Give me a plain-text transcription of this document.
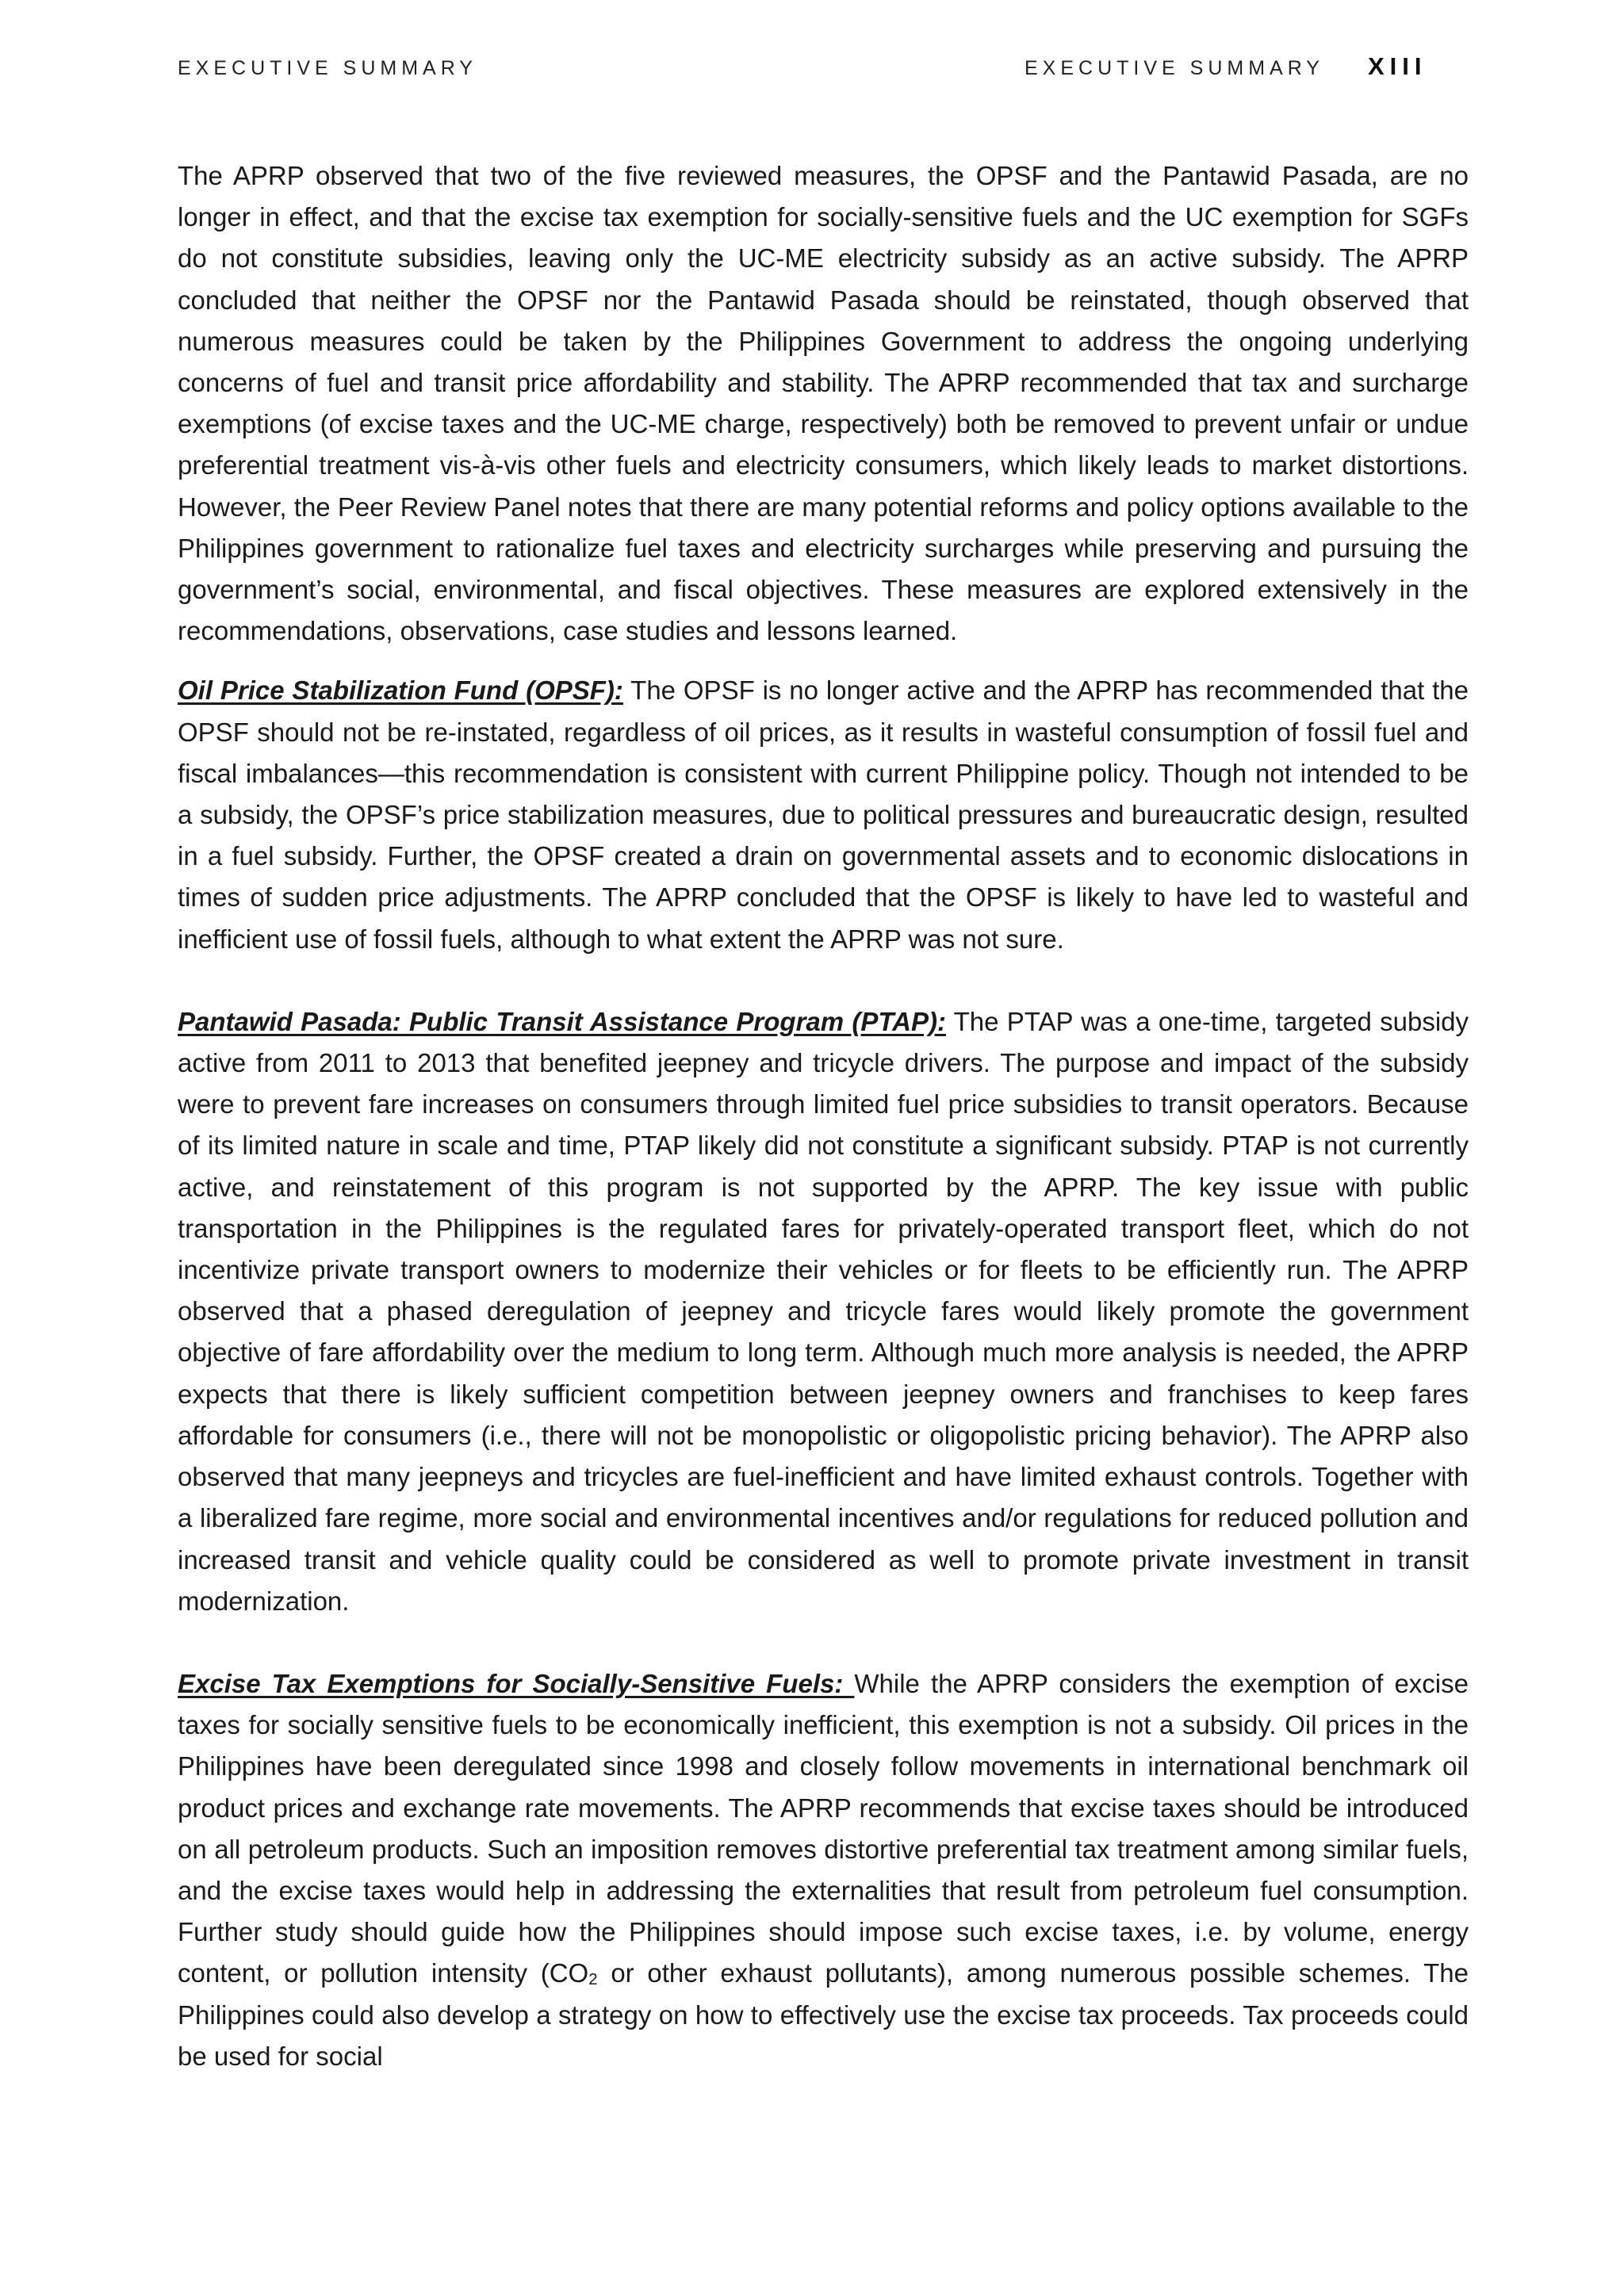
EXECUTIVE SUMMARY	EXECUTIVE SUMMARY XIII

The APRP observed that two of the five reviewed measures, the OPSF and the Pantawid Pasada, are no longer in effect, and that the excise tax exemption for socially-sensitive fuels and the UC exemption for SGFs do not constitute subsidies, leaving only the UC-ME electricity subsidy as an active subsidy. The APRP concluded that neither the OPSF nor the Pantawid Pasada should be reinstated, though observed that numerous measures could be taken by the Philippines Government to address the ongoing underlying concerns of fuel and transit price affordability and stability. The APRP recommended that tax and surcharge exemptions (of excise taxes and the UC-ME charge, respectively) both be removed to prevent unfair or undue preferential treatment vis-à-vis other fuels and electricity consumers, which likely leads to market distortions. However, the Peer Review Panel notes that there are many potential reforms and policy options available to the Philippines government to rationalize fuel taxes and electricity surcharges while preserving and pursuing the government’s social, environmental, and fiscal objectives. These measures are explored extensively in the recommendations, observations, case studies and lessons learned.

Oil Price Stabilization Fund (OPSF): The OPSF is no longer active and the APRP has recommended that the OPSF should not be re-instated, regardless of oil prices, as it results in wasteful consumption of fossil fuel and fiscal imbalances—this recommendation is consistent with current Philippine policy. Though not intended to be a subsidy, the OPSF’s price stabilization measures, due to political pressures and bureaucratic design, resulted in a fuel subsidy. Further, the OPSF created a drain on governmental assets and to economic dislocations in times of sudden price adjustments. The APRP concluded that the OPSF is likely to have led to wasteful and inefficient use of fossil fuels, although to what extent the APRP was not sure.

Pantawid Pasada: Public Transit Assistance Program (PTAP): The PTAP was a one-time, targeted subsidy active from 2011 to 2013 that benefited jeepney and tricycle drivers. The purpose and impact of the subsidy were to prevent fare increases on consumers through limited fuel price subsidies to transit operators. Because of its limited nature in scale and time, PTAP likely did not constitute a significant subsidy. PTAP is not currently active, and reinstatement of this program is not supported by the APRP. The key issue with public transportation in the Philippines is the regulated fares for privately-operated transport fleet, which do not incentivize private transport owners to modernize their vehicles or for fleets to be efficiently run. The APRP observed that a phased deregulation of jeepney and tricycle fares would likely promote the government objective of fare affordability over the medium to long term. Although much more analysis is needed, the APRP expects that there is likely sufficient competition between jeepney owners and franchises to keep fares affordable for consumers (i.e., there will not be monopolistic or oligopolistic pricing behavior). The APRP also observed that many jeepneys and tricycles are fuel-inefficient and have limited exhaust controls. Together with a liberalized fare regime, more social and environmental incentives and/or regulations for reduced pollution and increased transit and vehicle quality could be considered as well to promote private investment in transit modernization.

Excise Tax Exemptions for Socially-Sensitive Fuels: While the APRP considers the exemption of excise taxes for socially sensitive fuels to be economically inefficient, this exemption is not a subsidy. Oil prices in the Philippines have been deregulated since 1998 and closely follow movements in international benchmark oil product prices and exchange rate movements. The APRP recommends that excise taxes should be introduced on all petroleum products. Such an imposition removes distortive preferential tax treatment among similar fuels, and the excise taxes would help in addressing the externalities that result from petroleum fuel consumption. Further study should guide how the Philippines should impose such excise taxes, i.e. by volume, energy content, or pollution intensity ($CO_2$ or other exhaust pollutants), among numerous possible schemes. The Philippines could also develop a strategy on how to effectively use the excise tax proceeds. Tax proceeds could be used for social
